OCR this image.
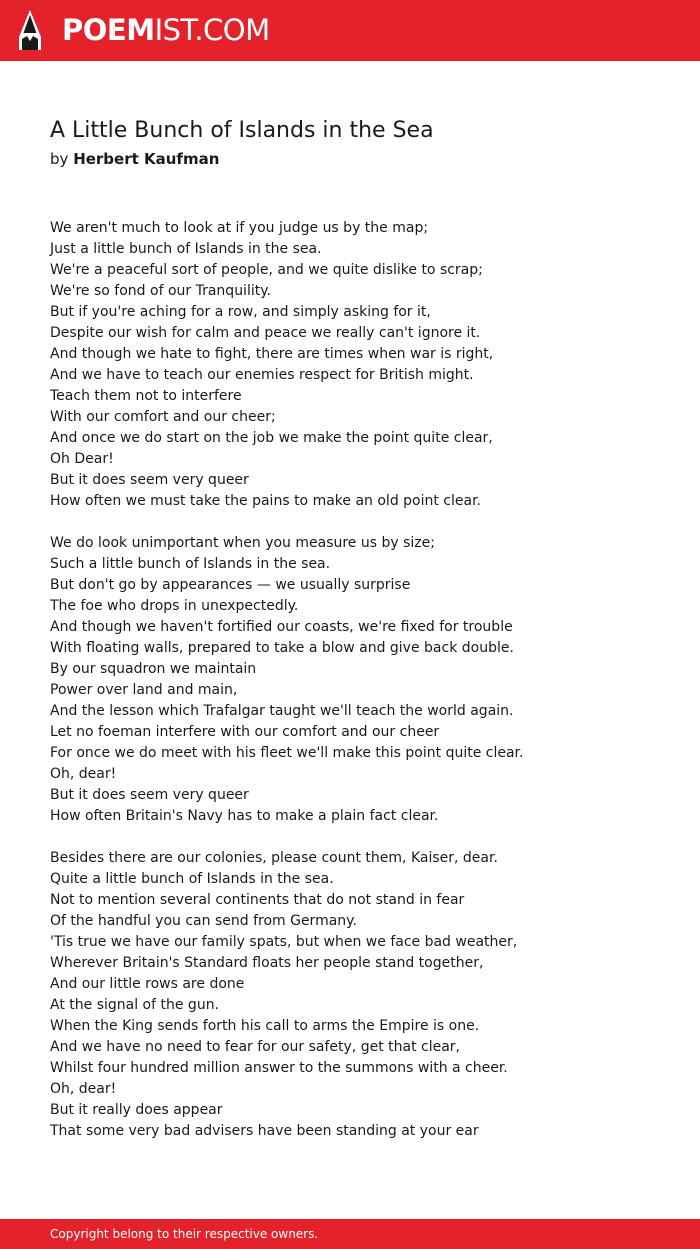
POEMIST.COM
A Little Bunch of Islands in the Sea
by Herbert Kaufman
We aren't much to look at if you judge us by the map;
Just a little bunch of Islands in the sea.
We're a peaceful sort of people, and we quite dislike to scrap;
We're so fond of our Tranquility.
But if you're aching for a row, and simply asking for it,
Despite our wish for calm and peace we really can't ignore it.
And though we hate to fight, there are times when war is right,
And we have to teach our enemies respect for British might.
Teach them not to interfere
With our comfort and our cheer;
And once we do start on the job we make the point quite clear,
Oh Dear!
But it does seem very queer
How often we must take the pains to make an old point clear.
We do look unimportant when you measure us by size;
Such a little bunch of Islands in the sea.
But don't go by appearances — we usually surprise
The foe who drops in unexpectedly.
And though we haven't fortified our coasts, we're fixed for trouble
With floating walls, prepared to take a blow and give back double.
By our squadron we maintain
Power over land and main,
And the lesson which Trafalgar taught we'll teach the world again.
Let no foeman interfere with our comfort and our cheer
For once we do meet with his fleet we'll make this point quite clear.
Oh, dear!
But it does seem very queer
How often Britain's Navy has to make a plain fact clear.
Besides there are our colonies, please count them, Kaiser, dear.
Quite a little bunch of Islands in the sea.
Not to mention several continents that do not stand in fear
Of the handful you can send from Germany.
'Tis true we have our family spats, but when we face bad weather,
Wherever Britain's Standard floats her people stand together,
And our little rows are done
At the signal of the gun.
When the King sends forth his call to arms the Empire is one.
And we have no need to fear for our safety, get that clear,
Whilst four hundred million answer to the summons with a cheer.
Oh, dear!
But it really does appear
That some very bad advisers have been standing at your ear
Copyright belong to their respective owners.
